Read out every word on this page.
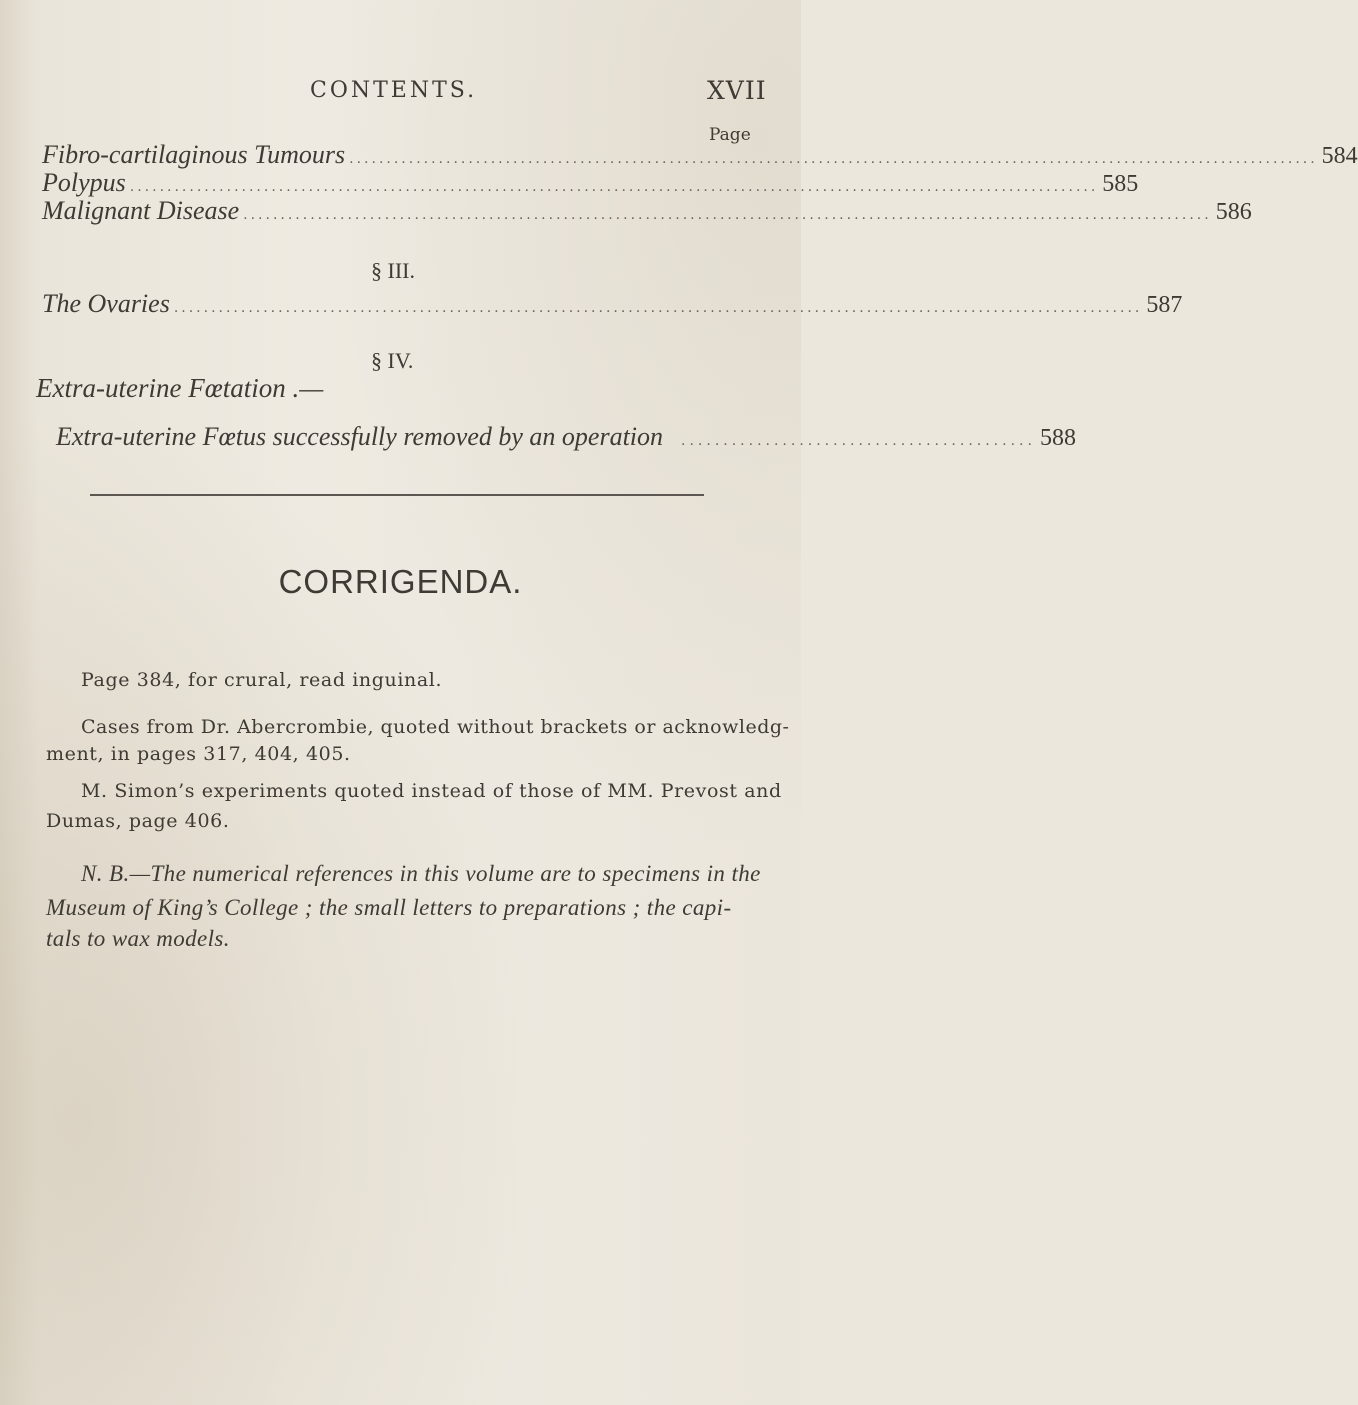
CONTENTS.	XVII
Page
Fibro-cartilaginous Tumours .................................................................................................................................. 584
Polypus .................................................................................................................................. 585
Malignant Disease .................................................................................................................................. 586
§ III.
The Ovaries .................................................................................................................................. 587
§ IV.
Extra-uterine Fœtation .—
Extra-uterine Fœtus successfully removed by an operation .......................................... 588
CORRIGENDA.
Page 384, for crural, read inguinal.
Cases from Dr. Abercrombie, quoted without brackets or acknowledg-
ment, in pages 317, 404, 405.
M. Simon’s experiments quoted instead of those of MM. Prevost and
Dumas, page 406.
N. B.—The numerical references in this volume are to specimens in the
Museum of King’s College ; the small letters to preparations ; the capi-
tals to wax models.
